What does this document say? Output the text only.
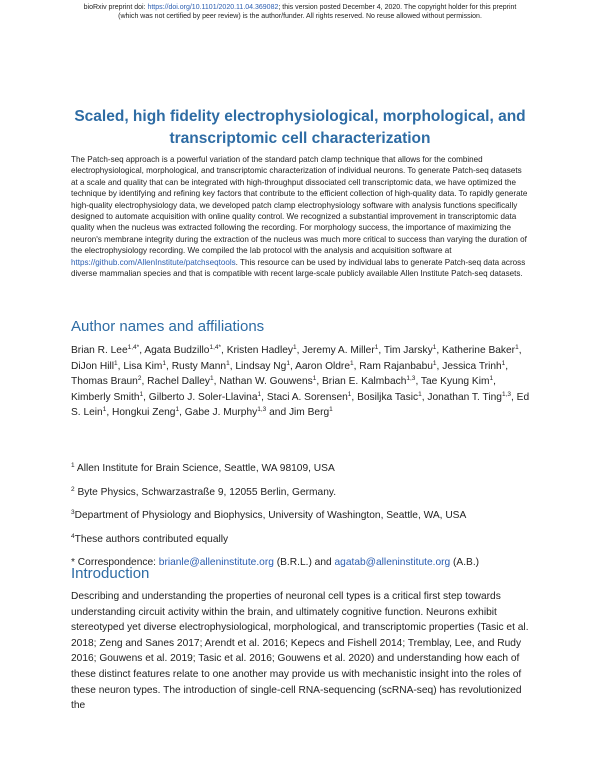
bioRxiv preprint doi: https://doi.org/10.1101/2020.11.04.369082; this version posted December 4, 2020. The copyright holder for this preprint
(which was not certified by peer review) is the author/funder. All rights reserved. No reuse allowed without permission.
Scaled, high fidelity electrophysiological, morphological, and
transcriptomic cell characterization

The Patch-seq approach is a powerful variation of the standard patch clamp technique that allows for the combined electrophysiological, morphological, and transcriptomic characterization of individual neurons. To generate Patch-seq datasets at a scale and quality that can be integrated with high-throughput dissociated cell transcriptomic data, we have optimized the technique by identifying and refining key factors that contribute to the efficient collection of high-quality data. To rapidly generate high-quality electrophysiology data, we developed patch clamp electrophysiology software with analysis functions specifically designed to automate acquisition with online quality control. We recognized a substantial improvement in transcriptomic data quality when the nucleus was extracted following the recording. For morphology success, the importance of maximizing the neuron's membrane integrity during the extraction of the nucleus was much more critical to success than varying the duration of the electrophysiology recording. We compiled the lab protocol with the analysis and acquisition software at https://github.com/AllenInstitute/patchseqtools. This resource can be used by individual labs to generate Patch-seq data across diverse mammalian species and that is compatible with recent large-scale publicly available Allen Institute Patch-seq datasets.

Author names and affiliations

Brian R. Lee$^{1,4*}$, Agata Budzillo$^{1,4*}$, Kristen Hadley$^1$, Jeremy A. Miller$^1$, Tim Jarsky$^1$, Katherine Baker$^1$, DiJon Hill$^1$, Lisa Kim$^1$, Rusty Mann$^1$, Lindsay Ng$^1$, Aaron Oldre$^1$, Ram Rajanbabu$^1$, Jessica Trinh$^1$, Thomas Braun$^2$, Rachel Dalley$^1$, Nathan W. Gouwens$^1$, Brian E. Kalmbach$^{1,3}$, Tae Kyung Kim$^1$, Kimberly Smith$^1$, Gilberto J. Soler-Llavina$^1$, Staci A. Sorensen$^1$, Bosiljka Tasic$^1$, Jonathan T. Ting$^{1,3}$, Ed S. Lein$^1$, Hongkui Zeng$^1$, Gabe J. Murphy$^{1,3}$ and Jim Berg$^1$

$^1$ Allen Institute for Brain Science, Seattle, WA 98109, USA

$^2$ Byte Physics, Schwarzastraße 9, 12055 Berlin, Germany.

$^3$Department of Physiology and Biophysics, University of Washington, Seattle, WA, USA

$^4$These authors contributed equally

* Correspondence: brianle@alleninstitute.org (B.R.L.) and agatab@alleninstitute.org (A.B.)

Introduction

Describing and understanding the properties of neuronal cell types is a critical first step towards understanding circuit activity within the brain, and ultimately cognitive function. Neurons exhibit stereotyped yet diverse electrophysiological, morphological, and transcriptomic properties (Tasic et al. 2018; Zeng and Sanes 2017; Arendt et al. 2016; Kepecs and Fishell 2014; Tremblay, Lee, and Rudy 2016; Gouwens et al. 2019; Tasic et al. 2016; Gouwens et al. 2020) and understanding how each of these distinct features relate to one another may provide us with mechanistic insight into the roles of these neuron types. The introduction of single-cell RNA-sequencing (scRNA-seq) has revolutionized the
